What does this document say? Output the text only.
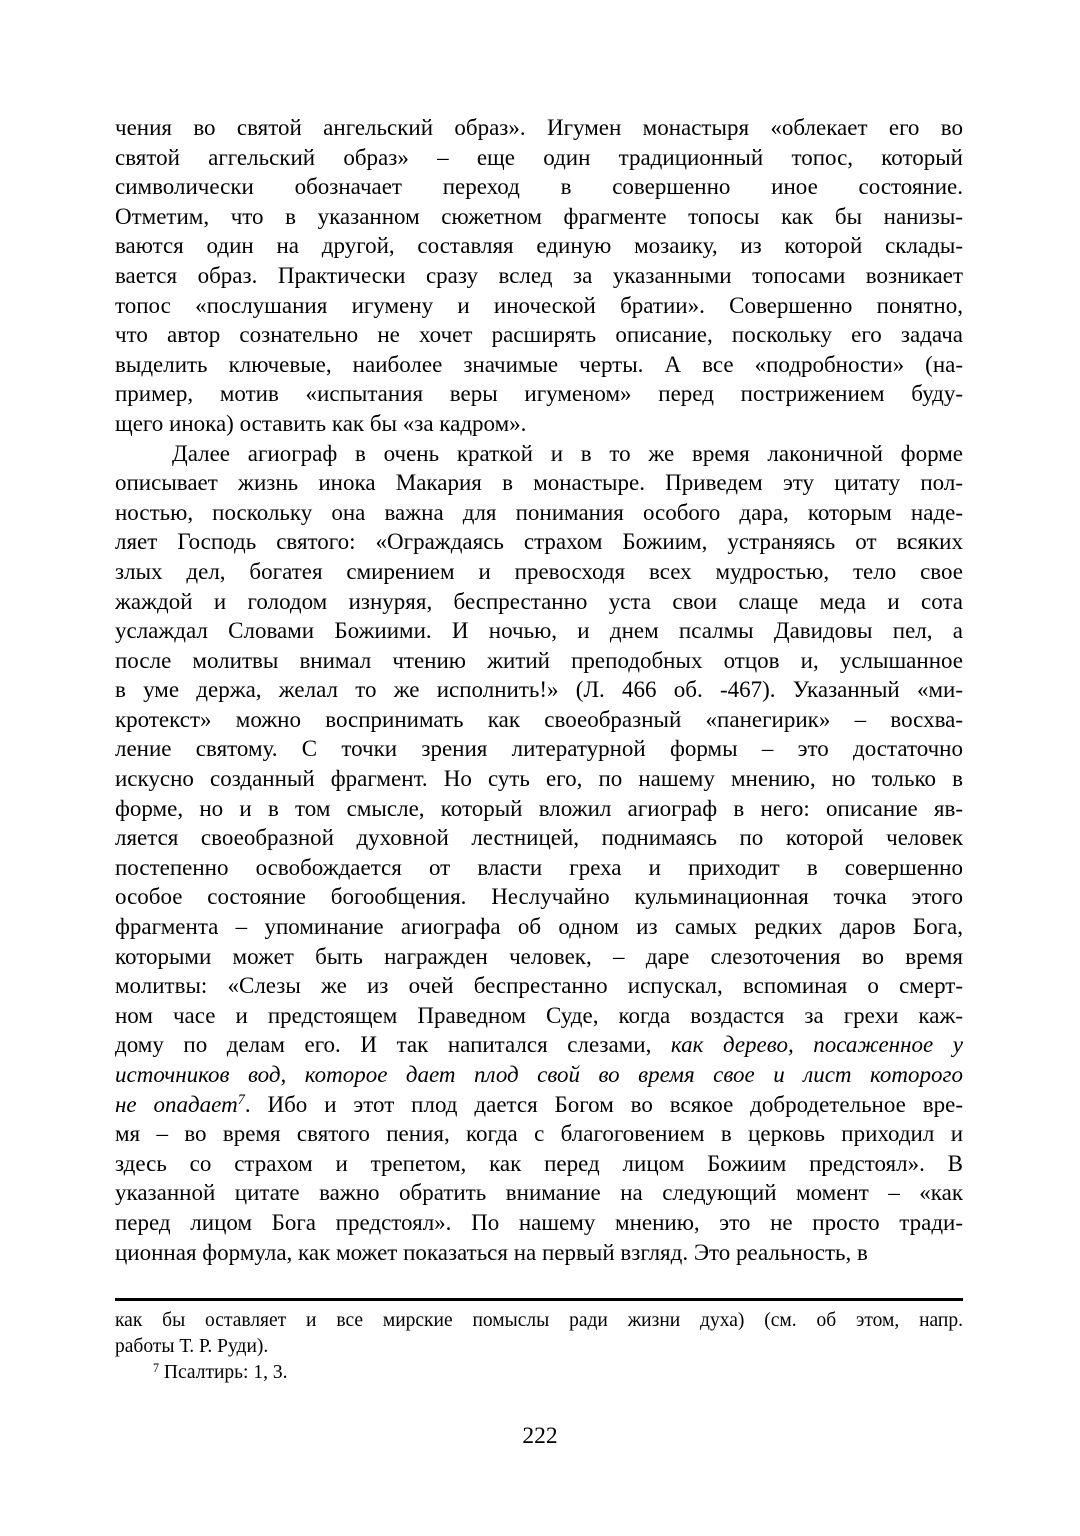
чения во святой ангельский образ». Игумен монастыря «облекает его во
святой аггельский образ» – еще один традиционный топос, который
символически обозначает переход в совершенно иное состояние.
Отметим, что в указанном сюжетном фрагменте топосы как бы нанизы-
ваются один на другой, составляя единую мозаику, из которой склады-
вается образ. Практически сразу вслед за указанными топосами возникает
топос «послушания игумену и иноческой братии». Совершенно понятно,
что автор сознательно не хочет расширять описание, поскольку его задача
выделить ключевые, наиболее значимые черты. А все «подробности» (на-
пример, мотив «испытания веры игуменом» перед пострижением буду-
щего инока) оставить как бы «за кадром».
Далее агиограф в очень краткой и в то же время лаконичной форме
описывает жизнь инока Макария в монастыре. Приведем эту цитату пол-
ностью, поскольку она важна для понимания особого дара, которым наде-
ляет Господь святого: «Ограждаясь страхом Божиим, устраняясь от всяких
злых дел, богатея смирением и превосходя всех мудростью, тело свое
жаждой и голодом изнуряя, беспрестанно уста свои слаще меда и сота
услаждал Словами Божиими. И ночью, и днем псалмы Давидовы пел, а
после молитвы внимал чтению житий преподобных отцов и, услышанное
в уме держа, желал то же исполнить!» (Л. 466 об. -467). Указанный «ми-
кротекст» можно воспринимать как своеобразный «панегирик» – восхва-
ление святому. С точки зрения литературной формы – это достаточно
искусно созданный фрагмент. Но суть его, по нашему мнению, но только в
форме, но и в том смысле, который вложил агиограф в него: описание яв-
ляется своеобразной духовной лестницей, поднимаясь по которой человек
постепенно освобождается от власти греха и приходит в совершенно
особое состояние богообщения. Неслучайно кульминационная точка этого
фрагмента – упоминание агиографа об одном из самых редких даров Бога,
которыми может быть награжден человек, – даре слезоточения во время
молитвы: «Слезы же из очей беспрестанно испускал, вспоминая о смерт-
ном часе и предстоящем Праведном Суде, когда воздастся за грехи каж-
дому по делам его. И так напитался слезами, как дерево, посаженное у
источников вод, которое дает плод свой во время свое и лист которого
не опадает$^7$. Ибо и этот плод дается Богом во всякое добродетельное вре-
мя – во время святого пения, когда с благоговением в церковь приходил и
здесь со страхом и трепетом, как перед лицом Божиим предстоял». В
указанной цитате важно обратить внимание на следующий момент – «как
перед лицом Бога предстоял». По нашему мнению, это не просто тради-
ционная формула, как может показаться на первый взгляд. Это реальность, в
как бы оставляет и все мирские помыслы ради жизни духа) (см. об этом, напр.
работы Т. Р. Руди).
$^7$ Псалтирь: 1, 3.
222
